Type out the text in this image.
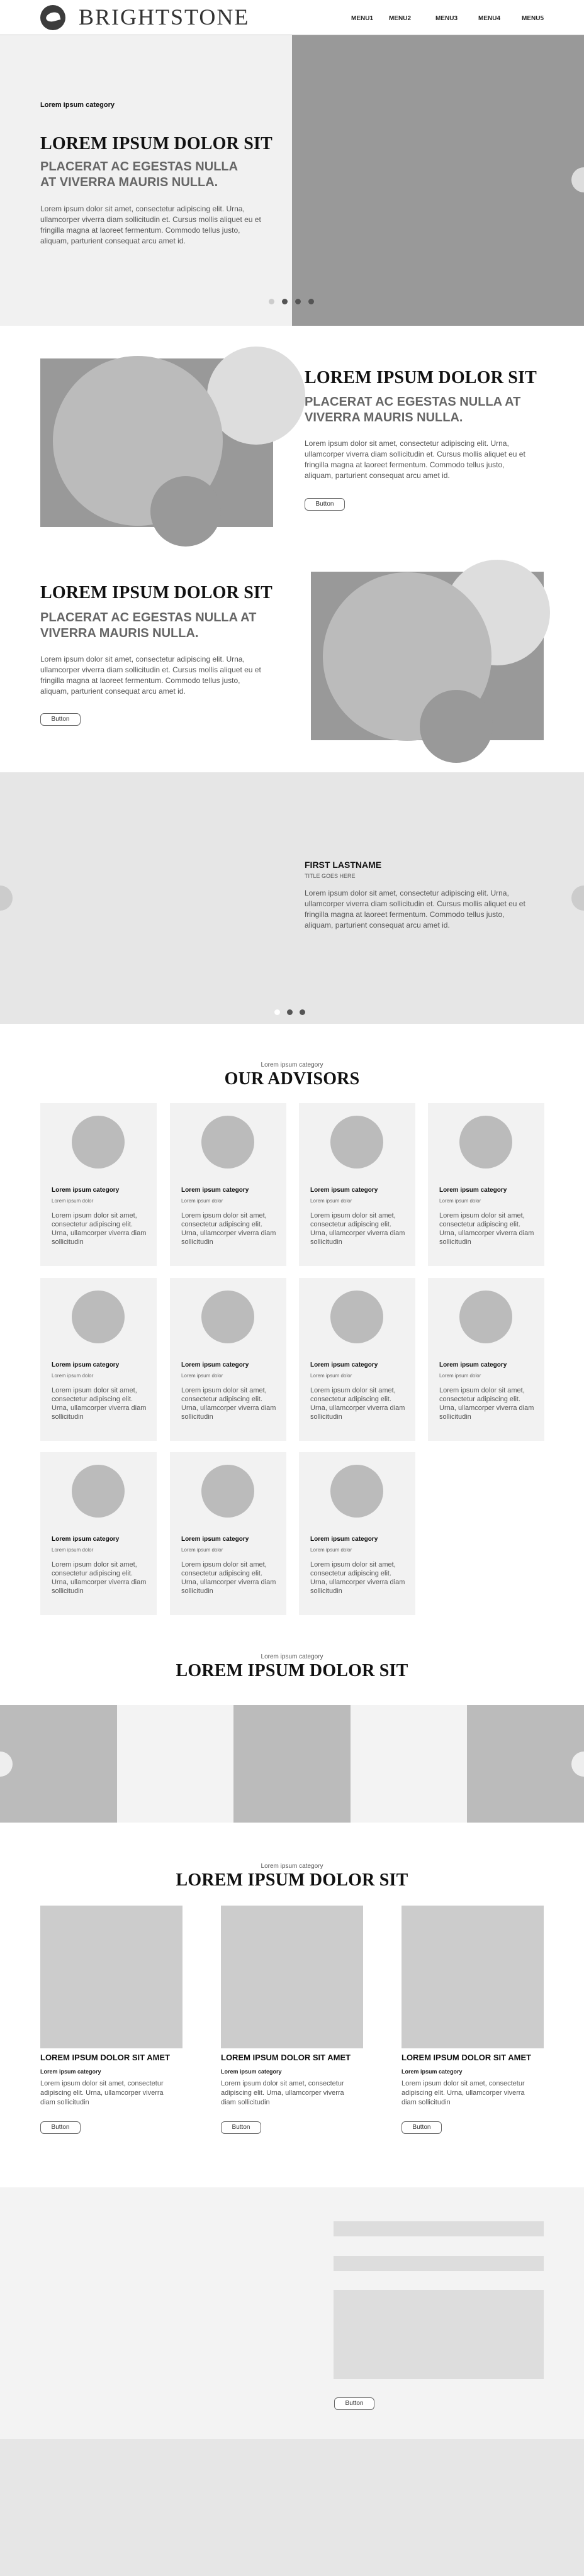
BRIGHTSTONE	MENU1 MENU2	MENU3	MENU4	MENU5
Lorem ipsum category
LOREM IPSUM DOLOR SIT
PLACERAT AC EGESTAS NULLA AT VIVERRA MAURIS NULLA.
Lorem ipsum dolor sit amet, consectetur adipiscing elit. Urna, ullamcorper viverra diam sollicitudin et. Cursus mollis aliquet eu et fringilla magna at laoreet fermentum. Commodo tellus justo, aliquam, parturient consequat arcu amet id.
LOREM IPSUM DOLOR SIT
PLACERAT AC EGESTAS NULLA AT VIVERRA MAURIS NULLA.
Lorem ipsum dolor sit amet, consectetur adipiscing elit. Urna, ullamcorper viverra diam sollicitudin et. Cursus mollis aliquet eu et fringilla magna at laoreet fermentum. Commodo tellus justo, aliquam, parturient consequat arcu amet id.
Button
LOREM IPSUM DOLOR SIT
PLACERAT AC EGESTAS NULLA AT VIVERRA MAURIS NULLA.
Lorem ipsum dolor sit amet, consectetur adipiscing elit. Urna, ullamcorper viverra diam sollicitudin et. Cursus mollis aliquet eu et fringilla magna at laoreet fermentum. Commodo tellus justo, aliquam, parturient consequat arcu amet id.
Button
FIRST LASTNAME
TITLE GOES HERE
Lorem ipsum dolor sit amet, consectetur adipiscing elit. Urna, ullamcorper viverra diam sollicitudin et. Cursus mollis aliquet eu et fringilla magna at laoreet fermentum. Commodo tellus justo, aliquam, parturient consequat arcu amet id.
Lorem ipsum category
OUR ADVISORS
Lorem ipsum category
Lorem ipsum dolor
Lorem ipsum dolor sit amet, consectetur adipiscing elit. Urna, ullamcorper viverra diam sollicitudin
Lorem ipsum category
Lorem ipsum dolor
Lorem ipsum dolor sit amet, consectetur adipiscing elit. Urna, ullamcorper viverra diam sollicitudin
Lorem ipsum category
Lorem ipsum dolor
Lorem ipsum dolor sit amet, consectetur adipiscing elit. Urna, ullamcorper viverra diam sollicitudin
Lorem ipsum category
Lorem ipsum dolor
Lorem ipsum dolor sit amet, consectetur adipiscing elit. Urna, ullamcorper viverra diam sollicitudin
Lorem ipsum category
Lorem ipsum dolor
Lorem ipsum dolor sit amet, consectetur adipiscing elit. Urna, ullamcorper viverra diam sollicitudin
Lorem ipsum category
Lorem ipsum dolor
Lorem ipsum dolor sit amet, consectetur adipiscing elit. Urna, ullamcorper viverra diam sollicitudin
Lorem ipsum category
Lorem ipsum dolor
Lorem ipsum dolor sit amet, consectetur adipiscing elit. Urna, ullamcorper viverra diam sollicitudin
Lorem ipsum category
Lorem ipsum dolor
Lorem ipsum dolor sit amet, consectetur adipiscing elit. Urna, ullamcorper viverra diam sollicitudin
Lorem ipsum category
Lorem ipsum dolor
Lorem ipsum dolor sit amet, consectetur adipiscing elit. Urna, ullamcorper viverra diam sollicitudin
Lorem ipsum category
Lorem ipsum dolor
Lorem ipsum dolor sit amet, consectetur adipiscing elit. Urna, ullamcorper viverra diam sollicitudin
Lorem ipsum category
Lorem ipsum dolor
Lorem ipsum dolor sit amet, consectetur adipiscing elit. Urna, ullamcorper viverra diam sollicitudin
Lorem ipsum category
LOREM IPSUM DOLOR SIT
Lorem ipsum category
LOREM IPSUM DOLOR SIT
LOREM IPSUM DOLOR SIT AMET
Lorem ipsum category
Lorem ipsum dolor sit amet, consectetur adipiscing elit. Urna, ullamcorper viverra diam sollicitudin
Button
LOREM IPSUM DOLOR SIT AMET
Lorem ipsum category
Lorem ipsum dolor sit amet, consectetur adipiscing elit. Urna, ullamcorper viverra diam sollicitudin
Button
LOREM IPSUM DOLOR SIT AMET
Lorem ipsum category
Lorem ipsum dolor sit amet, consectetur adipiscing elit. Urna, ullamcorper viverra diam sollicitudin
Button
Button
